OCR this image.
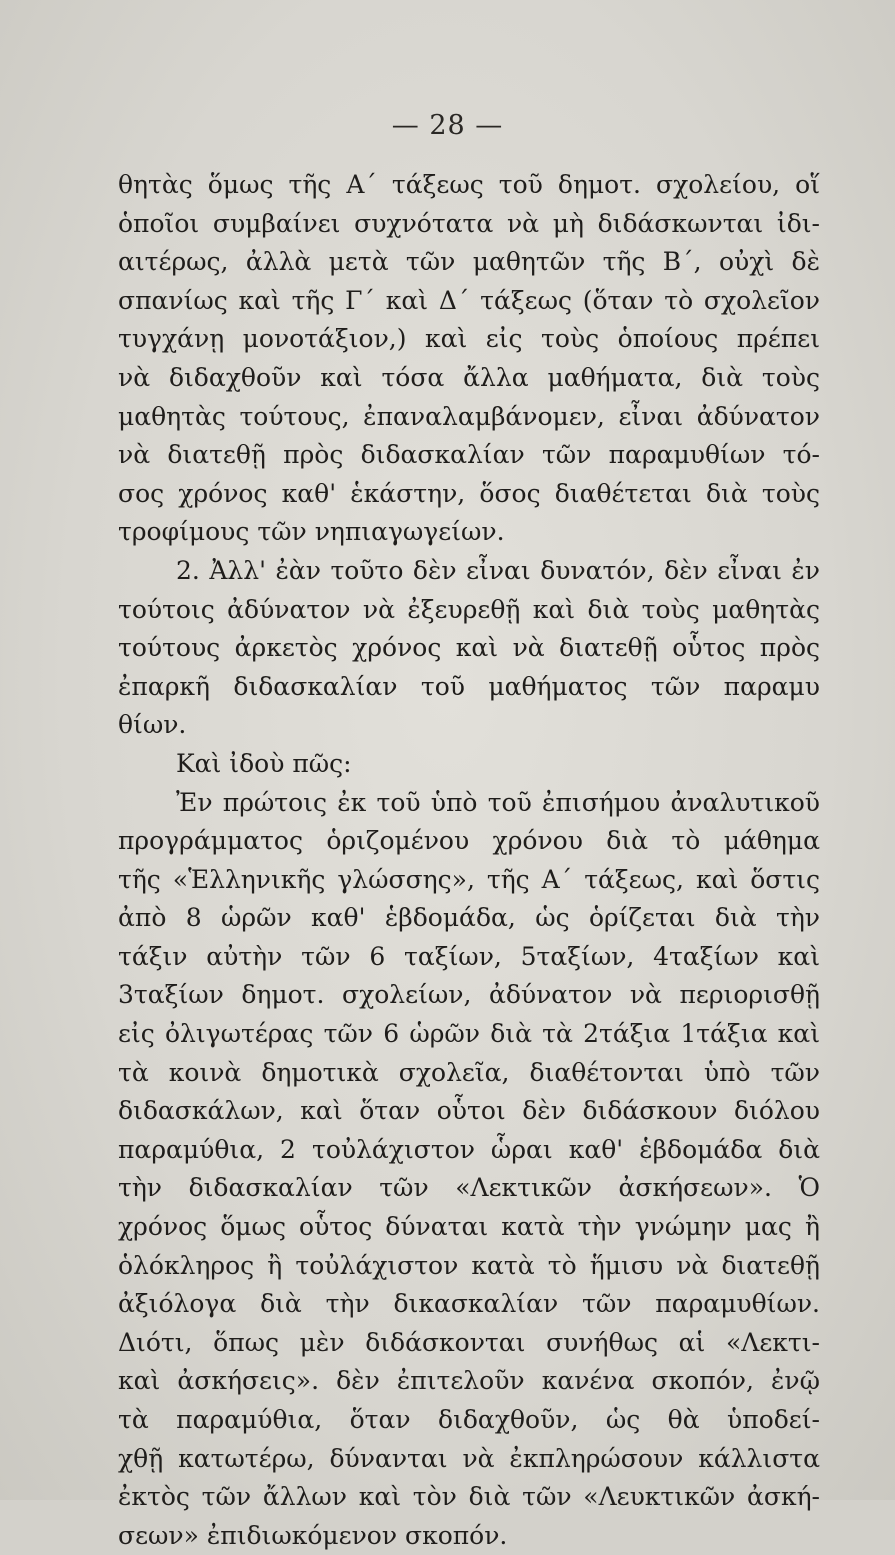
— 28 —
θητὰς ὅμως τῆς Α΄ τάξεως τοῦ δημοτ. σχολείου, οἵ
ὁποῖοι συμβαίνει συχνότατα νὰ μὴ διδάσκωνται ἰδι-
αιτέρως, ἀλλὰ μετὰ τῶν μαθητῶν τῆς Β΄, οὐχὶ δὲ
σπανίως καὶ τῆς Γ΄ καὶ Δ΄ τάξεως (ὅταν τὸ σχολεῖον
τυγχάνῃ μονοτάξιον,) καὶ εἰς τοὺς ὁποίους πρέπει
νὰ διδαχθοῦν καὶ τόσα ἄλλα μαθήματα, διὰ τοὺς
μαθητὰς τούτους, ἐπαναλαμβάνομεν, εἶναι ἀδύνατον
νὰ διατεθῇ πρὸς διδασκαλίαν τῶν παραμυθίων τό-
σος χρόνος καθ' ἑκάστην, ὅσος διαθέτεται διὰ τοὺς
τροφίμους τῶν νηπιαγωγείων.
2. Ἀλλ' ἐὰν τοῦτο δὲν εἶναι δυνατόν, δὲν εἶναι ἐν
τούτοις ἀδύνατον νὰ ἐξευρεθῇ καὶ διὰ τοὺς μαθητὰς
τούτους ἀρκετὸς χρόνος καὶ νὰ διατεθῇ οὗτος πρὸς
ἐπαρκῆ διδασκαλίαν τοῦ μαθήματος τῶν παραμυ
θίων.
Καὶ ἰδοὺ πῶς:
Ἐν πρώτοις ἐκ τοῦ ὑπὸ τοῦ ἐπισήμου ἀναλυτικοῦ
προγράμματος ὁριζομένου χρόνου διὰ τὸ μάθημα
τῆς «Ἑλληνικῆς γλώσσης», τῆς Α΄ τάξεως, καὶ ὅστις
ἀπὸ 8 ὡρῶν καθ' ἑβδομάδα, ὡς ὁρίζεται διὰ τὴν
τάξιν αὐτὴν τῶν 6 ταξίων, 5ταξίων, 4ταξίων καὶ
3ταξίων δημοτ. σχολείων, ἀδύνατον νὰ περιορισθῇ
εἰς ὀλιγωτέρας τῶν 6 ὡρῶν διὰ τὰ 2τάξια 1τάξια καὶ
τὰ κοινὰ δημοτικὰ σχολεῖα, διαθέτονται ὑπὸ τῶν
διδασκάλων, καὶ ὅταν οὗτοι δὲν διδάσκουν διόλου
παραμύθια, 2 τοὐλάχιστον ὧραι καθ' ἑβδομάδα διὰ
τὴν διδασκαλίαν τῶν «Λεκτικῶν ἀσκήσεων». Ὁ
χρόνος ὅμως οὗτος δύναται κατὰ τὴν γνώμην μας ἢ
ὁλόκληρος ἢ τοὐλάχιστον κατὰ τὸ ἥμισυ νὰ διατεθῇ
ἀξιόλογα διὰ τὴν δικασκαλίαν τῶν παραμυθίων.
Διότι, ὅπως μὲν διδάσκονται συνήθως αἱ «Λεκτι-
καὶ ἀσκήσεις». δὲν ἐπιτελοῦν κανένα σκοπόν, ἐνῷ
τὰ παραμύθια, ὅταν διδαχθοῦν, ὡς θὰ ὑποδεί-
χθῇ κατωτέρω, δύνανται νὰ ἐκπληρώσουν κάλλιστα
ἐκτὸς τῶν ἄλλων καὶ τὸν διὰ τῶν «Λευκτικῶν ἀσκή-
σεων» ἐπιδιωκόμενον σκοπόν.
